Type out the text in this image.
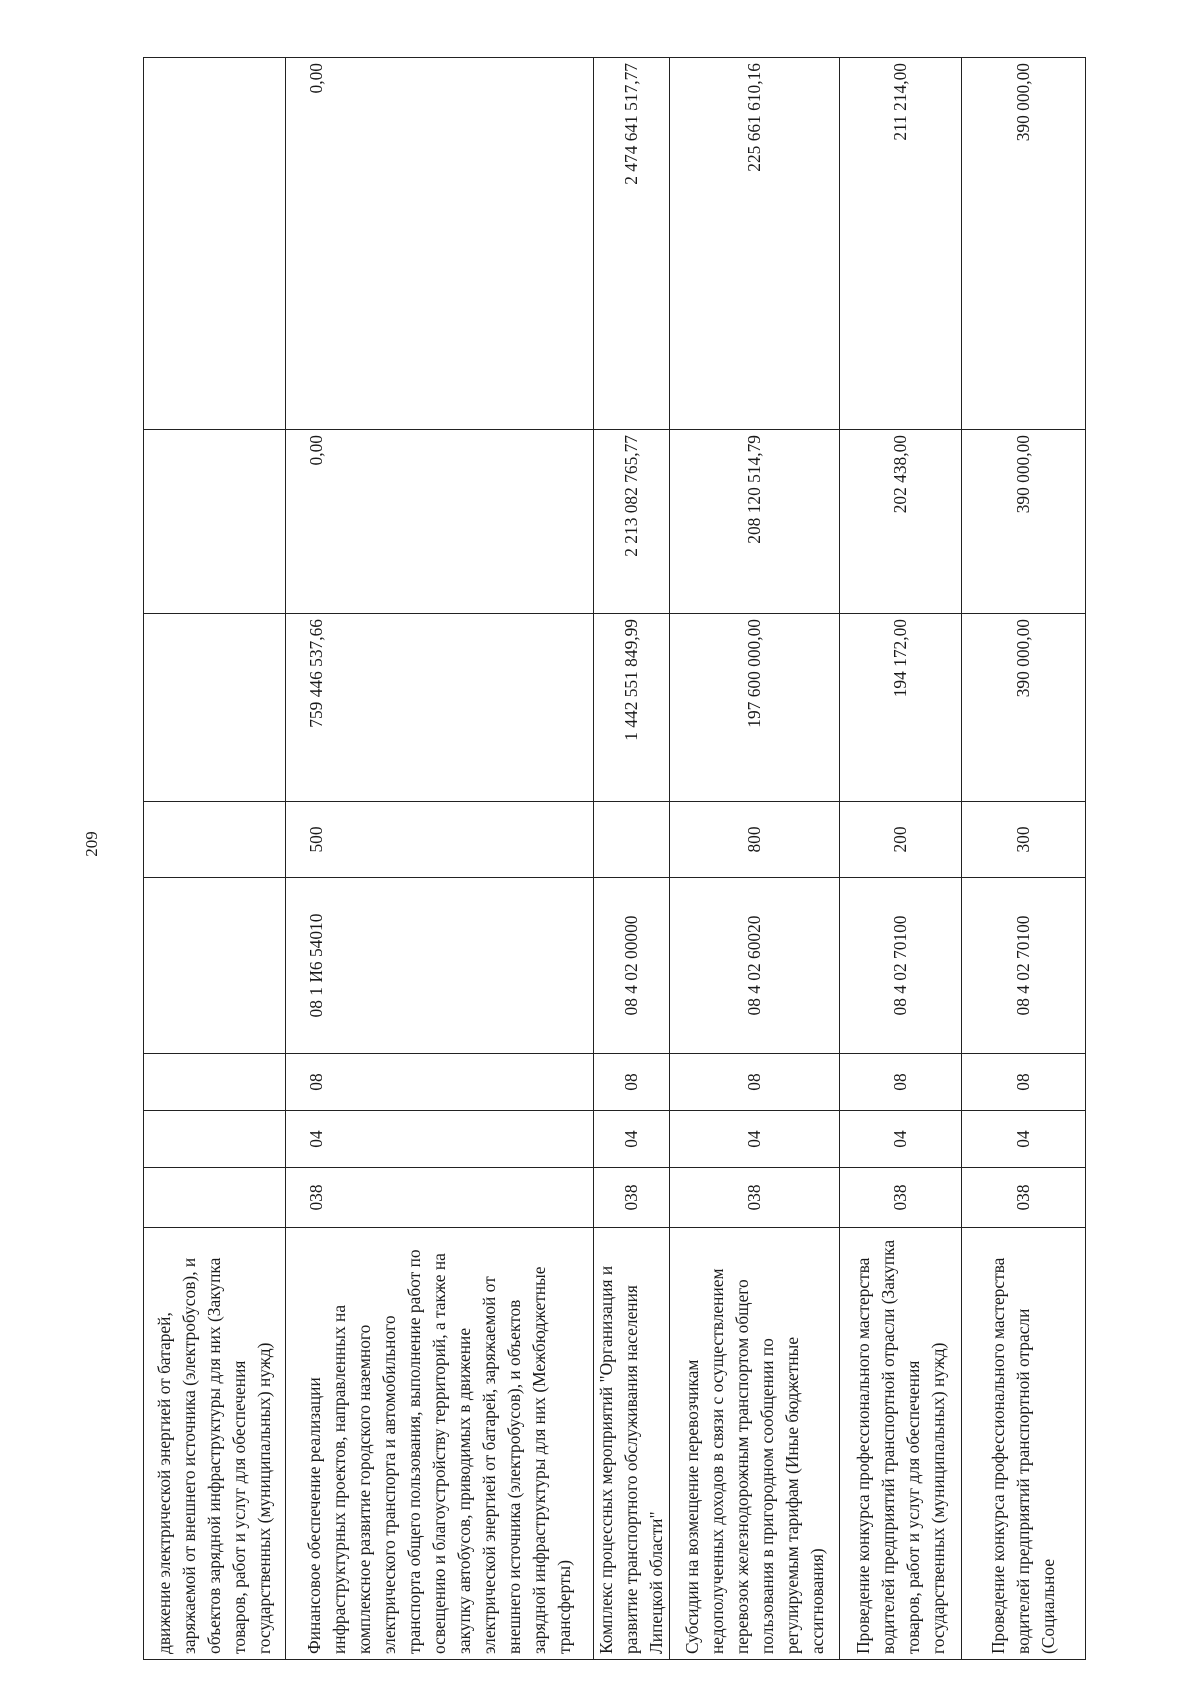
209
движение электрической энергией от батарей, заряжаемой от внешнего источника (электробусов), и объектов зарядной инфраструктуры для них (Закупка товаров, работ и услуг для обеспечения государственных (муниципальных) нужд)								
Финансовое обеспечение реализации инфраструктурных проектов, направленных на комплексное развитие городского наземного электрического транспорта и автомобильного транспорта общего пользования, выполнение работ по освещению и благоустройству территорий, а также на закупку автобусов, приводимых в движение электрической энергией от батарей, заряжаемой от внешнего источника (электробусов), и объектов зарядной инфраструктуры для них (Межбюджетные трансферты)	038	04	08	08 1 И6 54010	500	759 446 537,66	0,00	0,00
Комплекс процессных мероприятий "Организация и развитие транспортного обслуживания населения Липецкой области"	038	04	08	08 4 02 00000		1 442 551 849,99	2 213 082 765,77	2 474 641 517,77
Субсидии на возмещение перевозчикам недополученных доходов в связи с осуществлением перевозок железнодорожным транспортом общего пользования в пригородном сообщении по регулируемым тарифам (Иные бюджетные ассигнования)	038	04	08	08 4 02 60020	800	197 600 000,00	208 120 514,79	225 661 610,16
Проведение конкурса профессионального мастерства водителей предприятий транспортной отрасли (Закупка товаров, работ и услуг для обеспечения государственных (муниципальных) нужд)	038	04	08	08 4 02 70100	200	194 172,00	202 438,00	211 214,00
Проведение конкурса профессионального мастерства водителей предприятий транспортной отрасли (Социальное	038	04	08	08 4 02 70100	300	390 000,00	390 000,00	390 000,00
